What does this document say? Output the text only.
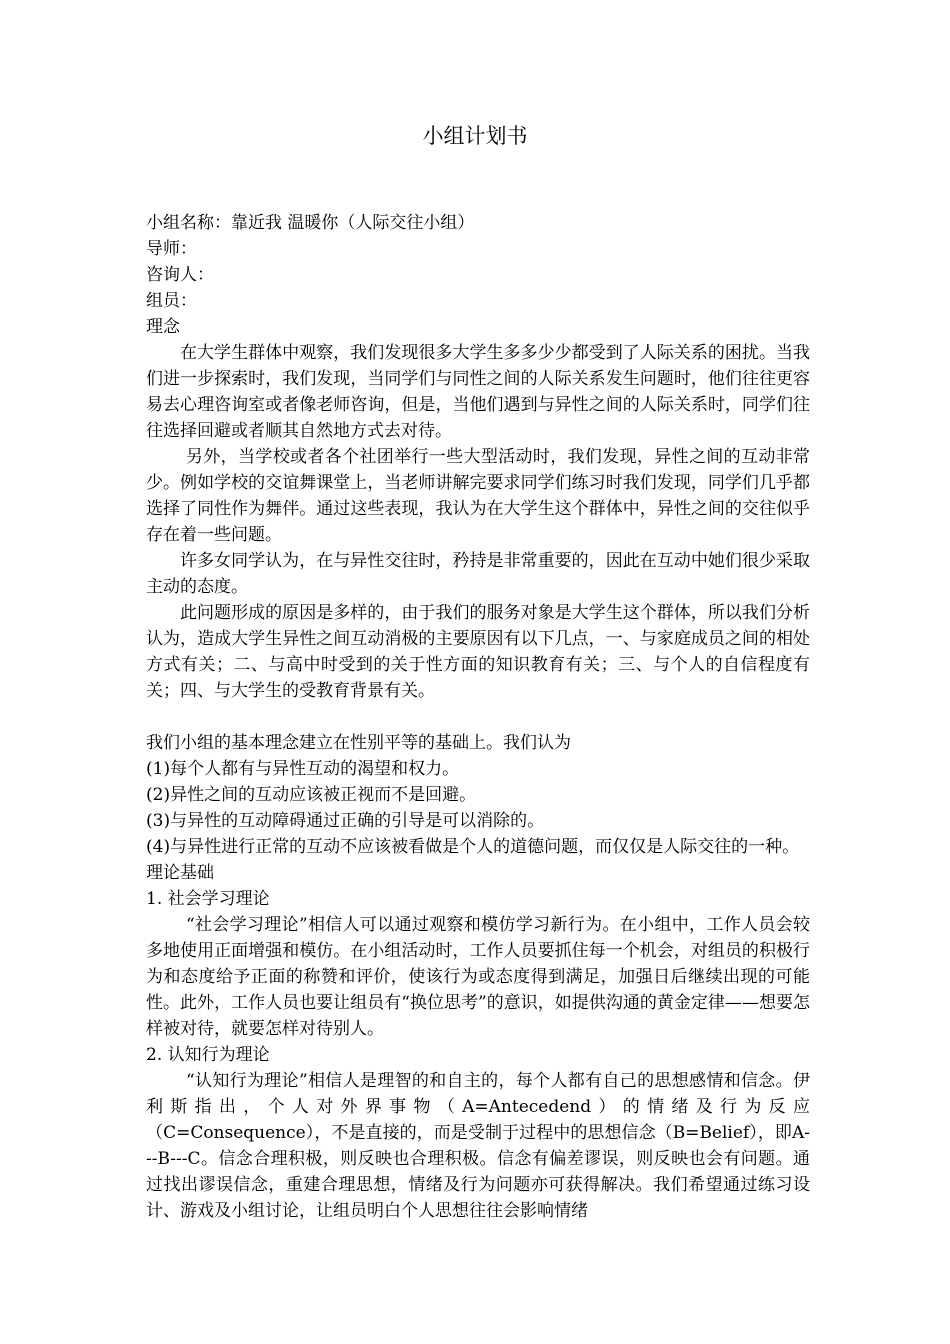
小组计划书

小组名称：靠近我 温暖你（人际交往小组）

导师：

咨询人：

组员：

理念

在大学生群体中观察，我们发现很多大学生多多少少都受到了人际关系的困扰。当我们进一步探索时，我们发现，当同学们与同性之间的人际关系发生问题时，他们往往更容易去心理咨询室或者像老师咨询，但是，当他们遇到与异性之间的人际关系时，同学们往往选择回避或者顺其自然地方式去对待。

另外，当学校或者各个社团举行一些大型活动时，我们发现，异性之间的互动非常少。例如学校的交谊舞课堂上，当老师讲解完要求同学们练习时我们发现，同学们几乎都选择了同性作为舞伴。通过这些表现，我认为在大学生这个群体中，异性之间的交往似乎存在着一些问题。

许多女同学认为，在与异性交往时，矜持是非常重要的，因此在互动中她们很少采取主动的态度。

此问题形成的原因是多样的，由于我们的服务对象是大学生这个群体，所以我们分析认为，造成大学生异性之间互动消极的主要原因有以下几点，一、与家庭成员之间的相处方式有关；二、与高中时受到的关于性方面的知识教育有关；三、与个人的自信程度有关；四、与大学生的受教育背景有关。

我们小组的基本理念建立在性别平等的基础上。我们认为

(1)每个人都有与异性互动的渴望和权力。

(2)异性之间的互动应该被正视而不是回避。

(3)与异性的互动障碍通过正确的引导是可以消除的。

(4)与异性进行正常的互动不应该被看做是个人的道德问题，而仅仅是人际交往的一种。

理论基础

1. 社会学习理论

“社会学习理论”相信人可以通过观察和模仿学习新行为。在小组中，工作人员会较多地使用正面增强和模仿。在小组活动时，工作人员要抓住每一个机会，对组员的积极行为和态度给予正面的称赞和评价，使该行为或态度得到满足，加强日后继续出现的可能性。此外，工作人员也要让组员有“换位思考”的意识，如提供沟通的黄金定律——想要怎样被对待，就要怎样对待别人。

2. 认知行为理论

“认知行为理论”相信人是理智的和自主的，每个人都有自己的思想感情和信念。伊利斯指出，个人对外界事物（A=Antecedend）的情绪及行为反应（C=Consequence），不是直接的，而是受制于过程中的思想信念（B=Belief），即A---B---C。信念合理积极，则反映也合理积极。信念有偏差谬误，则反映也会有问题。通过找出谬误信念，重建合理思想，情绪及行为问题亦可获得解决。我们希望通过练习设计、游戏及小组讨论，让组员明白个人思想往往会影响情绪
